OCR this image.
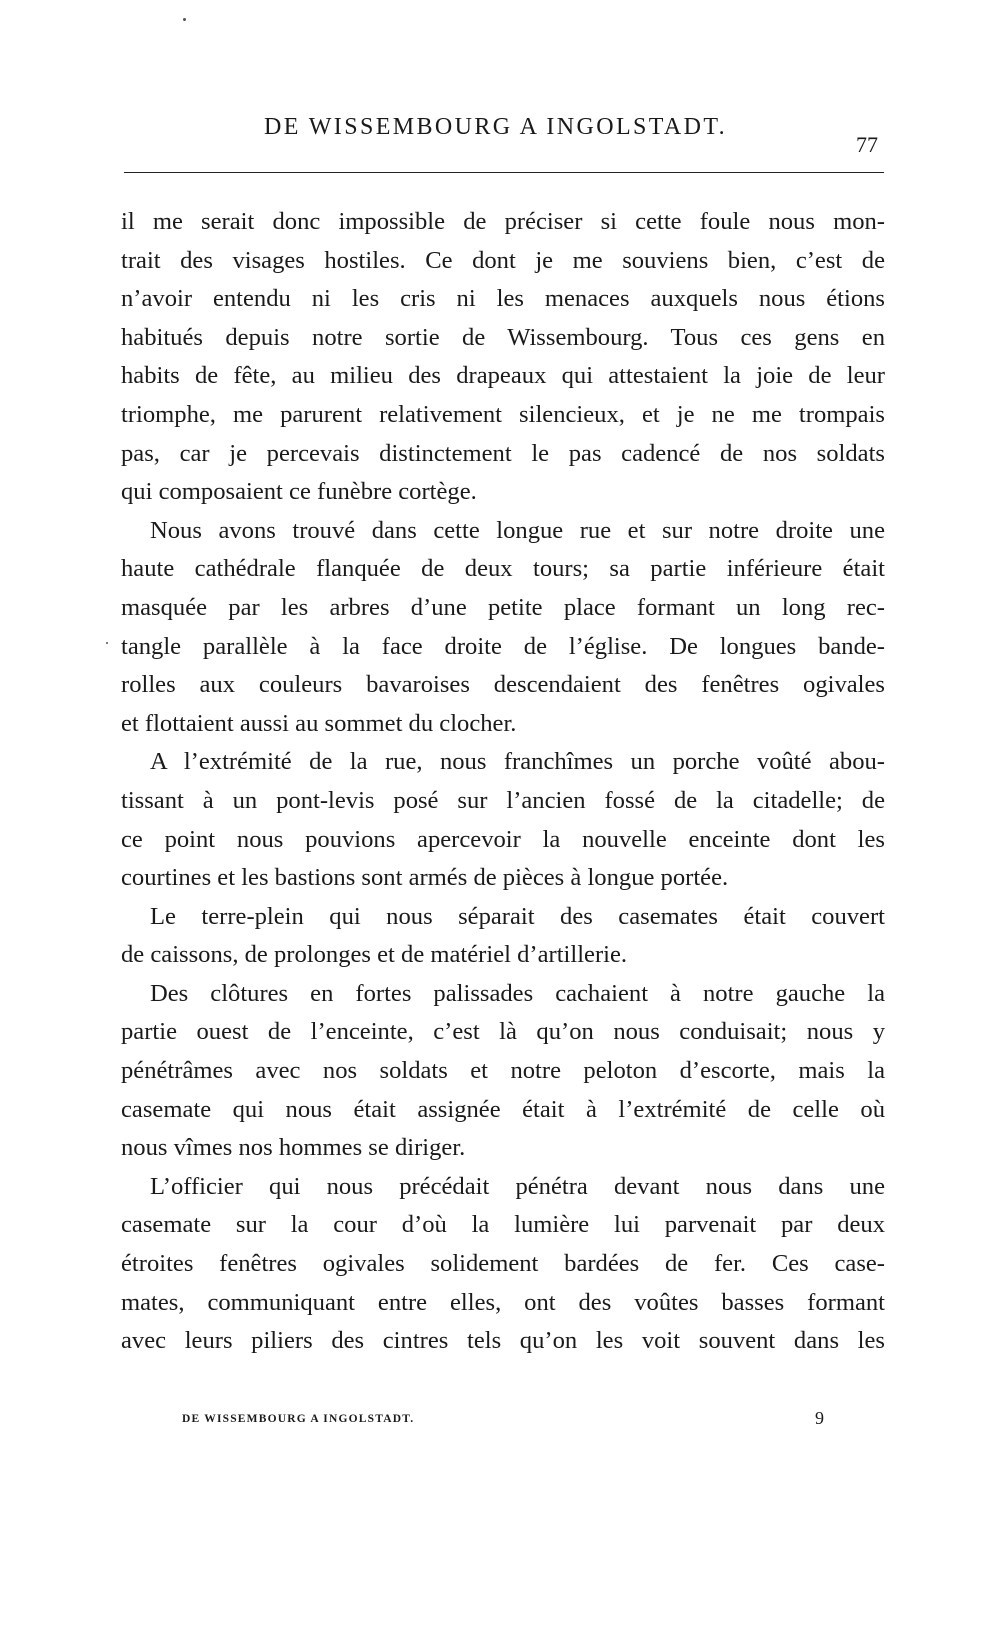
DE WISSEMBOURG A INGOLSTADT.
77
il me serait donc impossible de préciser si cette foule nous mon-
trait des visages hostiles. Ce dont je me souviens bien, c’est de
n’avoir entendu ni les cris ni les menaces auxquels nous étions
habitués depuis notre sortie de Wissembourg. Tous ces gens en
habits de fête, au milieu des drapeaux qui attestaient la joie de leur
triomphe, me parurent relativement silencieux, et je ne me trompais
pas, car je percevais distinctement le pas cadencé de nos soldats
qui composaient ce funèbre cortège.
Nous avons trouvé dans cette longue rue et sur notre droite une
haute cathédrale flanquée de deux tours; sa partie inférieure était
masquée par les arbres d’une petite place formant un long rec-
tangle parallèle à la face droite de l’église. De longues bande-
rolles aux couleurs bavaroises descendaient des fenêtres ogivales
et flottaient aussi au sommet du clocher.
A l’extrémité de la rue, nous franchîmes un porche voûté abou-
tissant à un pont-levis posé sur l’ancien fossé de la citadelle; de
ce point nous pouvions apercevoir la nouvelle enceinte dont les
courtines et les bastions sont armés de pièces à longue portée.
Le terre-plein qui nous séparait des casemates était couvert
de caissons, de prolonges et de matériel d’artillerie.
Des clôtures en fortes palissades cachaient à notre gauche la
partie ouest de l’enceinte, c’est là qu’on nous conduisait; nous y
pénétrâmes avec nos soldats et notre peloton d’escorte, mais la
casemate qui nous était assignée était à l’extrémité de celle où
nous vîmes nos hommes se diriger.
L’officier qui nous précédait pénétra devant nous dans une
casemate sur la cour d’où la lumière lui parvenait par deux
étroites fenêtres ogivales solidement bardées de fer. Ces case-
mates, communiquant entre elles, ont des voûtes basses formant
avec leurs piliers des cintres tels qu’on les voit souvent dans les
DE WISSEMBOURG A INGOLSTADT.	9
